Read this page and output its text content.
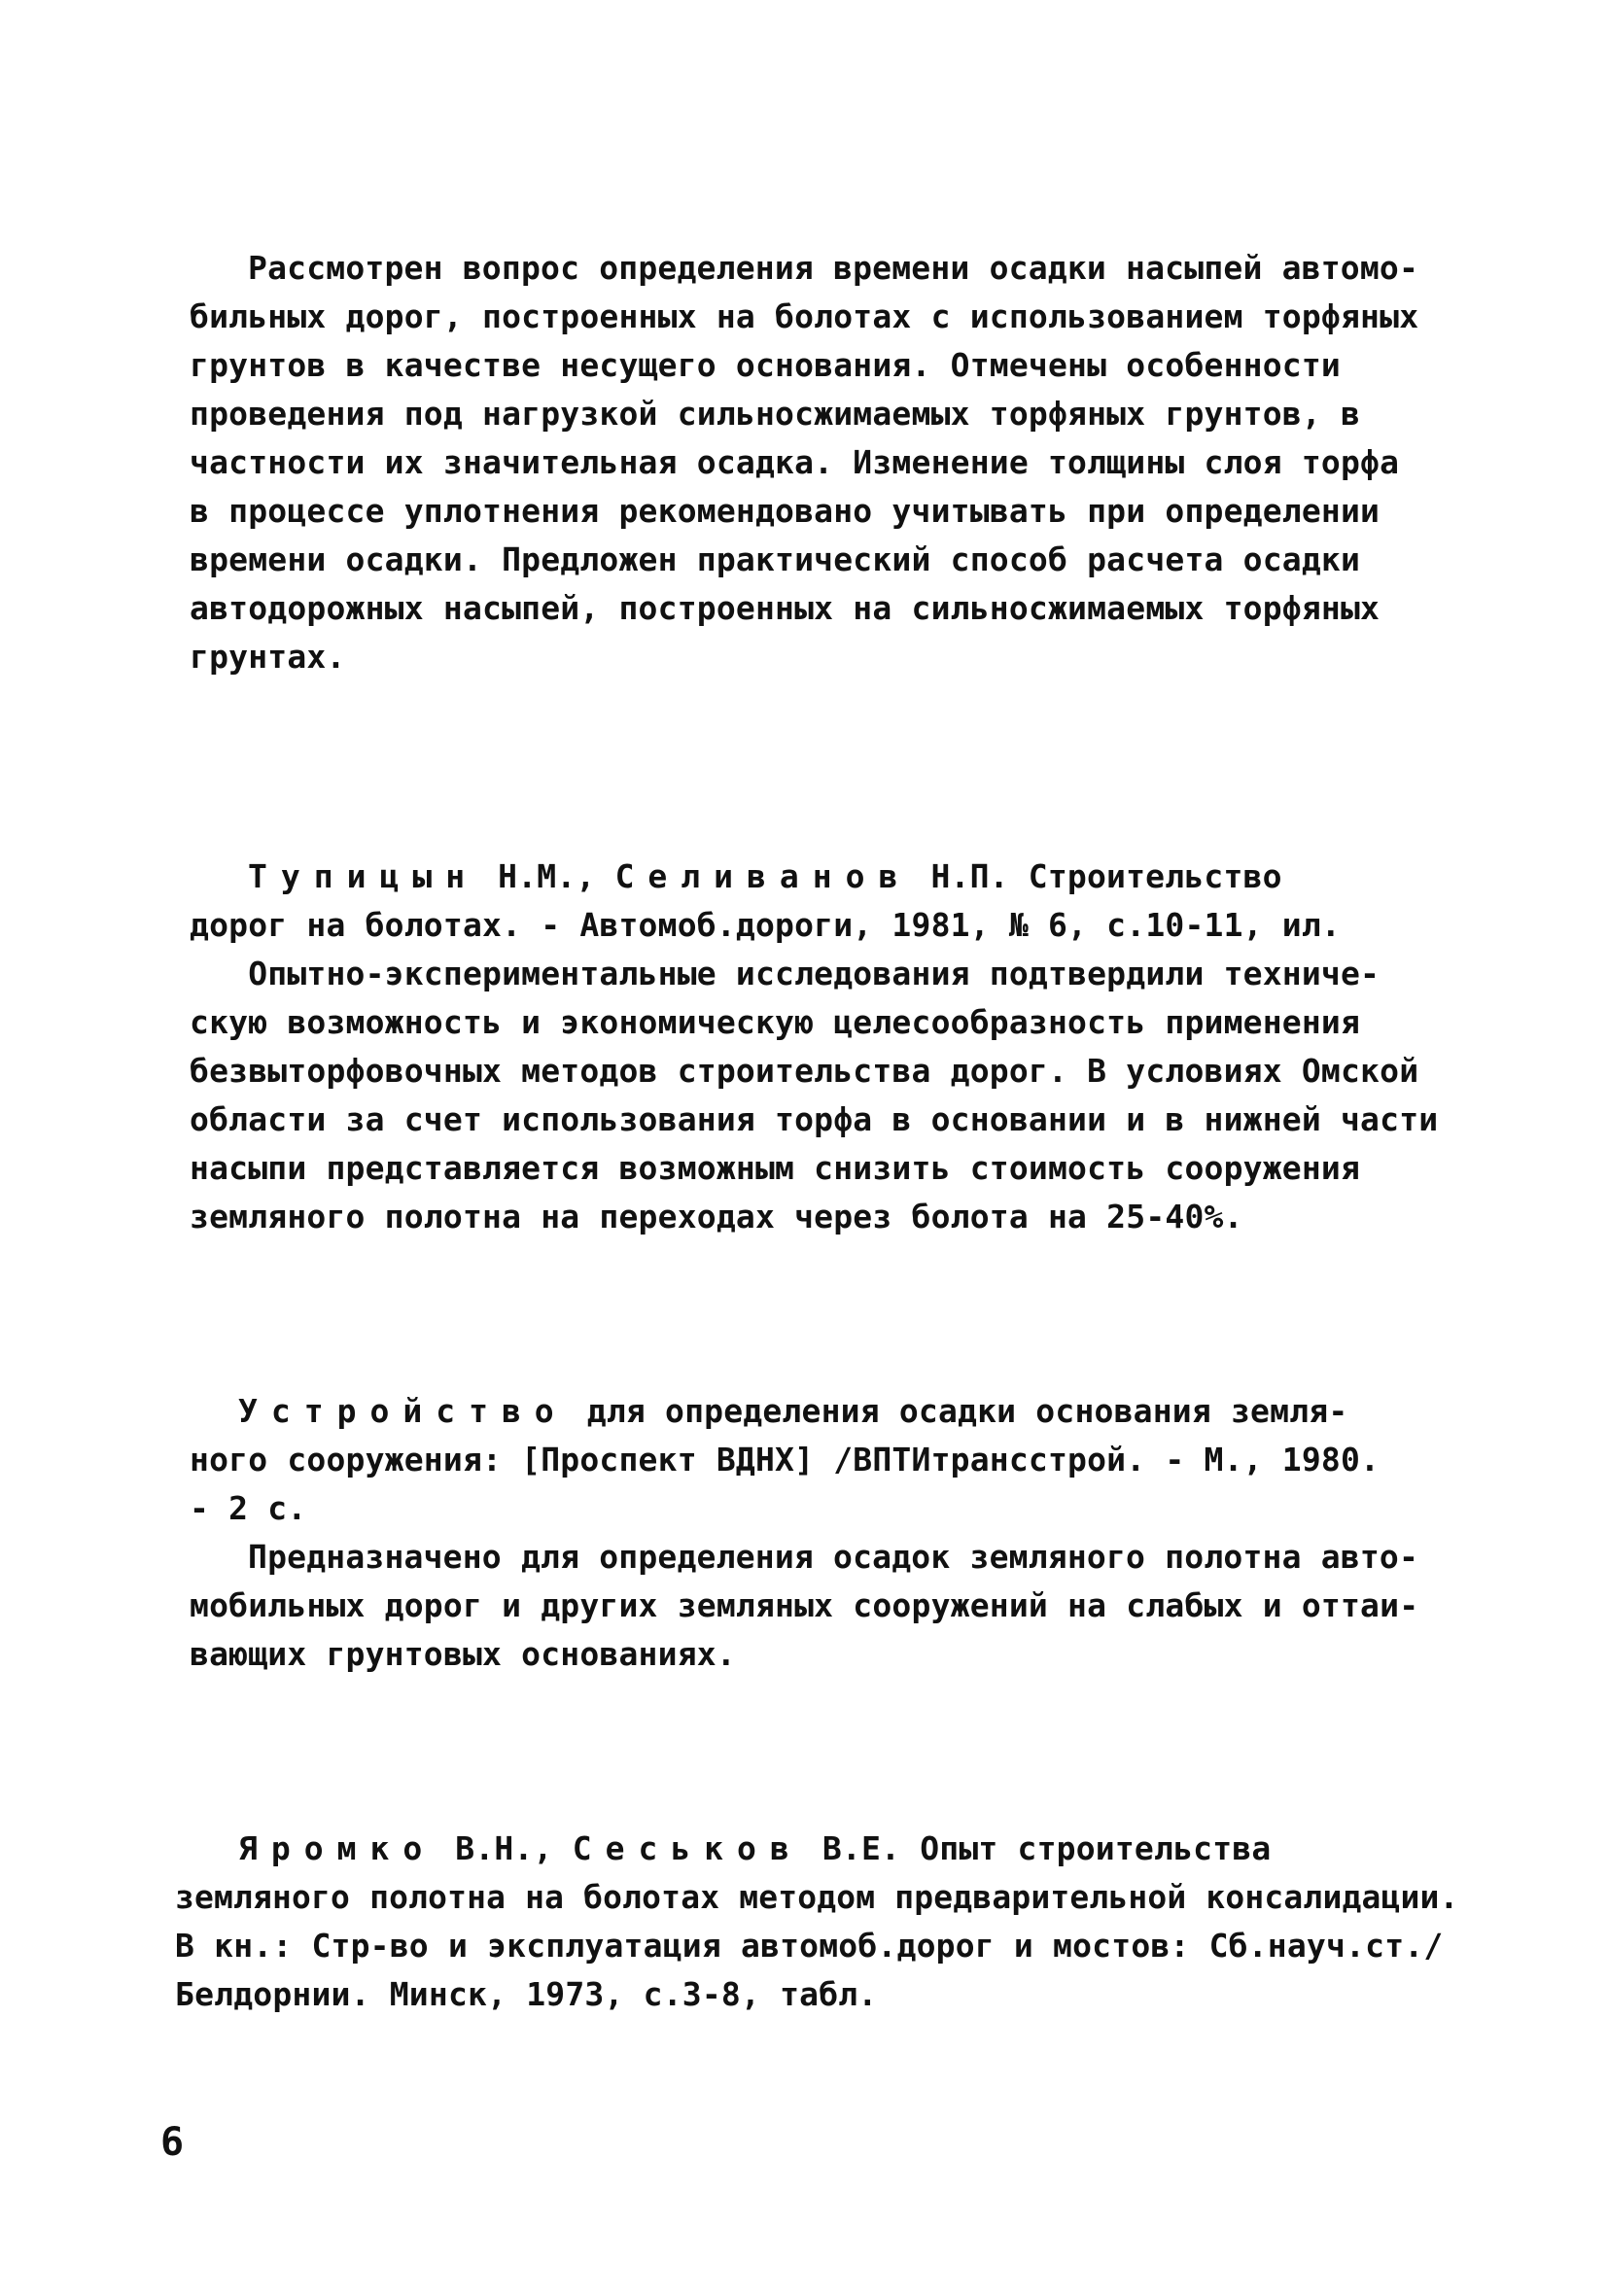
Рассмотрен вопрос определения времени осадки насыпей автомо-
бильных дорог, построенных на болотах с использованием торфяных
грунтов в качестве несущего основания. Отмечены особенности
проведения под нагрузкой сильносжимаемых торфяных грунтов, в
частности их значительная осадка. Изменение толщины слоя торфа
в процессе уплотнения рекомендовано учитывать при определении
времени осадки. Предложен практический способ расчета осадки
автодорожных насыпей, построенных на сильносжимаемых торфяных
грунтах.
Тупицын Н.М., Селиванов Н.П. Строительство
дорог на болотах. - Автомоб.дороги, 1981, № 6, с.10-11, ил.
Опытно-экспериментальные исследования подтвердили техниче-
скую возможность и экономическую целесообразность применения
безвыторфовочных методов строительства дорог. В условиях Омской
области за счет использования торфа в основании и в нижней части
насыпи представляется возможным снизить стоимость сооружения
земляного полотна на переходах через болота на 25-40%.
Устройство для определения осадки основания земля-
ного сооружения: [Проспект ВДНХ] /ВПТИтрансстрой. - М., 1980.
- 2 с.
Предназначено для определения осадок земляного полотна авто-
мобильных дорог и других земляных сооружений на слабых и оттаи-
вающих грунтовых основаниях.
Яромко В.Н., Сеськов В.Е. Опыт строительства
земляного полотна на болотах методом предварительной консалидации.
В кн.: Стр-во и эксплуатация автомоб.дорог и мостов: Сб.науч.ст./
Белдорнии. Минск, 1973, с.3-8, табл.
6
